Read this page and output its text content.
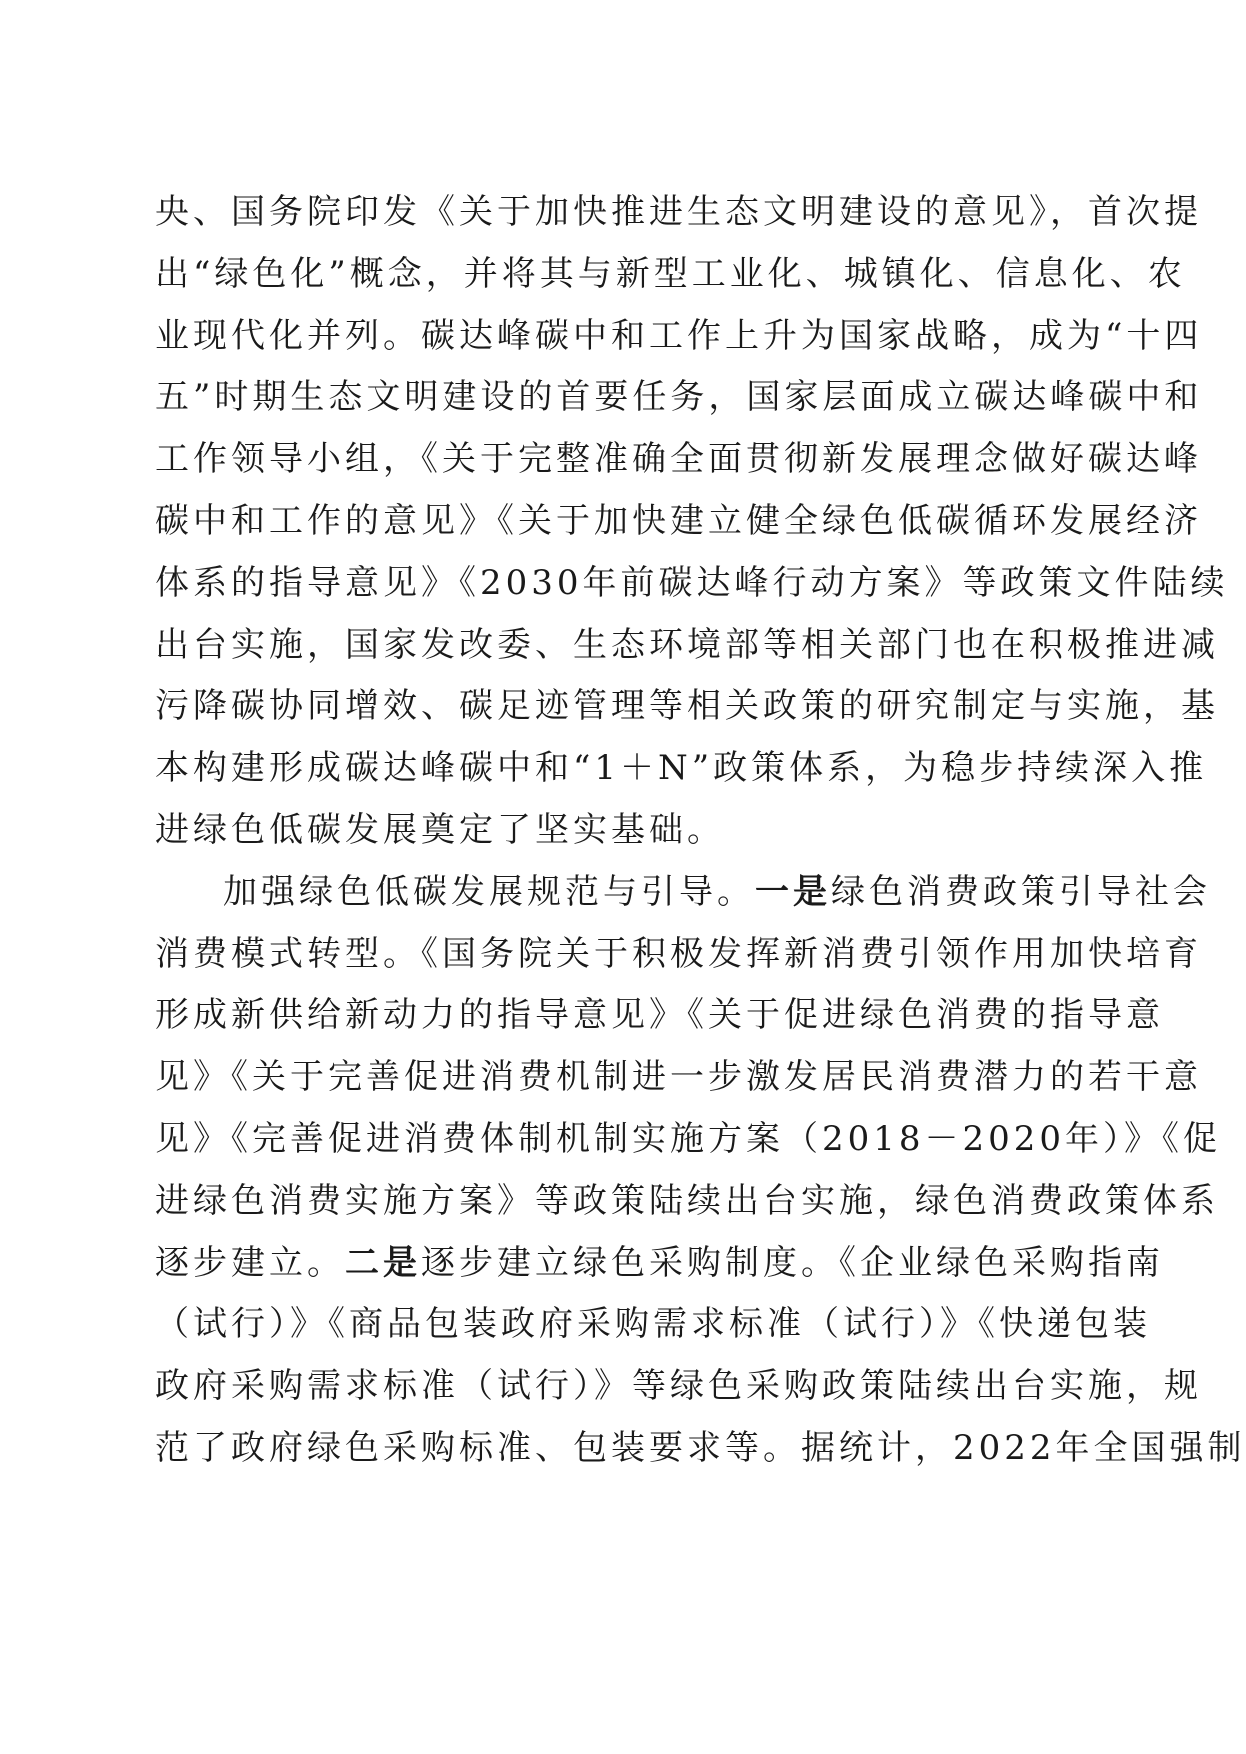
央、国务院印发《关于加快推进生态文明建设的意见》，首次提
出“绿色化”概念，并将其与新型工业化、城镇化、信息化、农
业现代化并列。碳达峰碳中和工作上升为国家战略，成为“十四
五”时期生态文明建设的首要任务，国家层面成立碳达峰碳中和
工作领导小组，《关于完整准确全面贯彻新发展理念做好碳达峰
碳中和工作的意见》《关于加快建立健全绿色低碳循环发展经济
体系的指导意见》《2030年前碳达峰行动方案》等政策文件陆续
出台实施，国家发改委、生态环境部等相关部门也在积极推进减
污降碳协同增效、碳足迹管理等相关政策的研究制定与实施，基
本构建形成碳达峰碳中和“1＋N”政策体系，为稳步持续深入推
进绿色低碳发展奠定了坚实基础。
加强绿色低碳发展规范与引导。一是绿色消费政策引导社会
消费模式转型。《国务院关于积极发挥新消费引领作用加快培育
形成新供给新动力的指导意见》《关于促进绿色消费的指导意
见》《关于完善促进消费机制进一步激发居民消费潜力的若干意
见》《完善促进消费体制机制实施方案（2018－2020年）》《促
进绿色消费实施方案》等政策陆续出台实施，绿色消费政策体系
逐步建立。二是逐步建立绿色采购制度。《企业绿色采购指南
（试行）》《商品包装政府采购需求标准（试行）》《快递包装
政府采购需求标准（试行）》等绿色采购政策陆续出台实施，规
范了政府绿色采购标准、包装要求等。据统计，2022年全国强制
